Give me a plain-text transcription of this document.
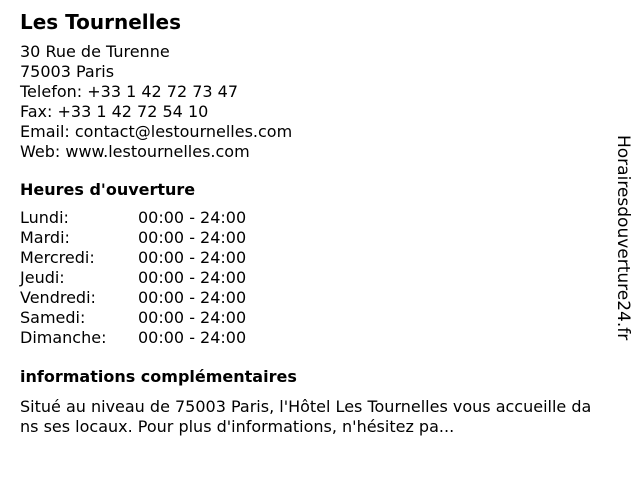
Les Tournelles

30 Rue de Turenne

75003 Paris

Telefon: +33 1 42 72 73 47

Fax: +33 1 42 72 54 10

Email: contact@lestournelles.com

Web: www.lestournelles.com

Heures d'ouverture
Lundi:	00:00 - 24:00
Mardi:	00:00 - 24:00
Mercredi:	00:00 - 24:00
Jeudi:	00:00 - 24:00
Vendredi:	00:00 - 24:00
Samedi:	00:00 - 24:00
Dimanche:	00:00 - 24:00
informations complémentaires

Situé au niveau de 75003 Paris, l'Hôtel Les Tournelles vous accueille dans ses locaux. Pour plus d'informations, n'hésitez pa...

Horairesdouverture24.fr
